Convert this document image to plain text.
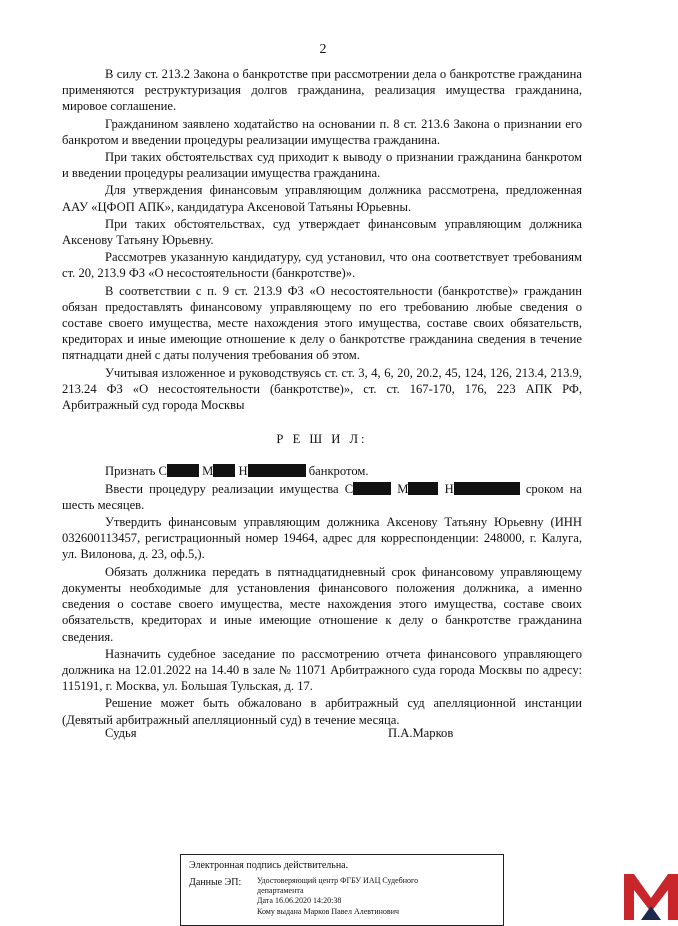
2

В силу ст. 213.2 Закона о банкротстве при рассмотрении дела о банкротстве гражданина применяются реструктуризация долгов гражданина, реализация имущества гражданина, мировое соглашение.

Гражданином заявлено ходатайство на основании п. 8 ст. 213.6 Закона о признании его банкротом и введении процедуры реализации имущества гражданина.

При таких обстоятельствах суд приходит к выводу о признании гражданина банкротом и введении процедуры реализации имущества гражданина.

Для утверждения финансовым управляющим должника рассмотрена, предложенная ААУ «ЦФОП АПК», кандидатура Аксеновой Татьяны Юрьевны.

При таких обстоятельствах, суд утверждает финансовым управляющим должника Аксенову Татьяну Юрьевну.

Рассмотрев указанную кандидатуру, суд установил, что она соответствует требованиям ст. 20, 213.9 ФЗ «О несостоятельности (банкротстве)».

В соответствии с п. 9 ст. 213.9 ФЗ «О несостоятельности (банкротстве)» гражданин обязан предоставлять финансовому управляющему по его требованию любые сведения о составе своего имущества, месте нахождения этого имущества, составе своих обязательств, кредиторах и иные имеющие отношение к делу о банкротстве гражданина сведения в течение пятнадцати дней с даты получения требования об этом.

Учитывая изложенное и руководствуясь ст. ст. 3, 4, 6, 20, 20.2, 45, 124, 126, 213.4, 213.9, 213.24 ФЗ «О несостоятельности (банкротстве)», ст. ст. 167-170, 176, 223 АПК РФ, Арбитражный суд города Москвы

Р Е Ш И Л:

Признать С	М Н	банкротом.

Ввести процедуру реализации имущества С	М	Н	сроком на шесть месяцев.

Утвердить финансовым управляющим должника Аксенову Татьяну Юрьевну (ИНН 032600113457, регистрационный номер 19464, адрес для корреспонденции: 248000, г. Калуга, ул. Вилонова, д. 23, оф.5,).

Обязать должника передать в пятнадцатидневный срок финансовому управляющему документы необходимые для установления финансового положения должника, а именно сведения о составе своего имущества, месте нахождения этого имущества, составе своих обязательств, кредиторах и иные имеющие отношение к делу о банкротстве гражданина сведения.

Назначить судебное заседание по рассмотрению отчета финансового управляющего должника на 12.01.2022 на 14.40 в зале № 11071 Арбитражного суда города Москвы по адресу: 115191, г. Москва, ул. Большая Тульская, д. 17.

Решение может быть обжаловано в арбитражный суд апелляционной инстанции (Девятый арбитражный апелляционный суд) в течение месяца.

Судья	П.А.Марков
Электронная подпись действительна.
Данные ЭП: Удостоверяющий центр ФГБУ ИАЦ Судебного
департамента
Дата 16.06.2020 14:20:38
Кому выдана Марков Павел Алевтинович
